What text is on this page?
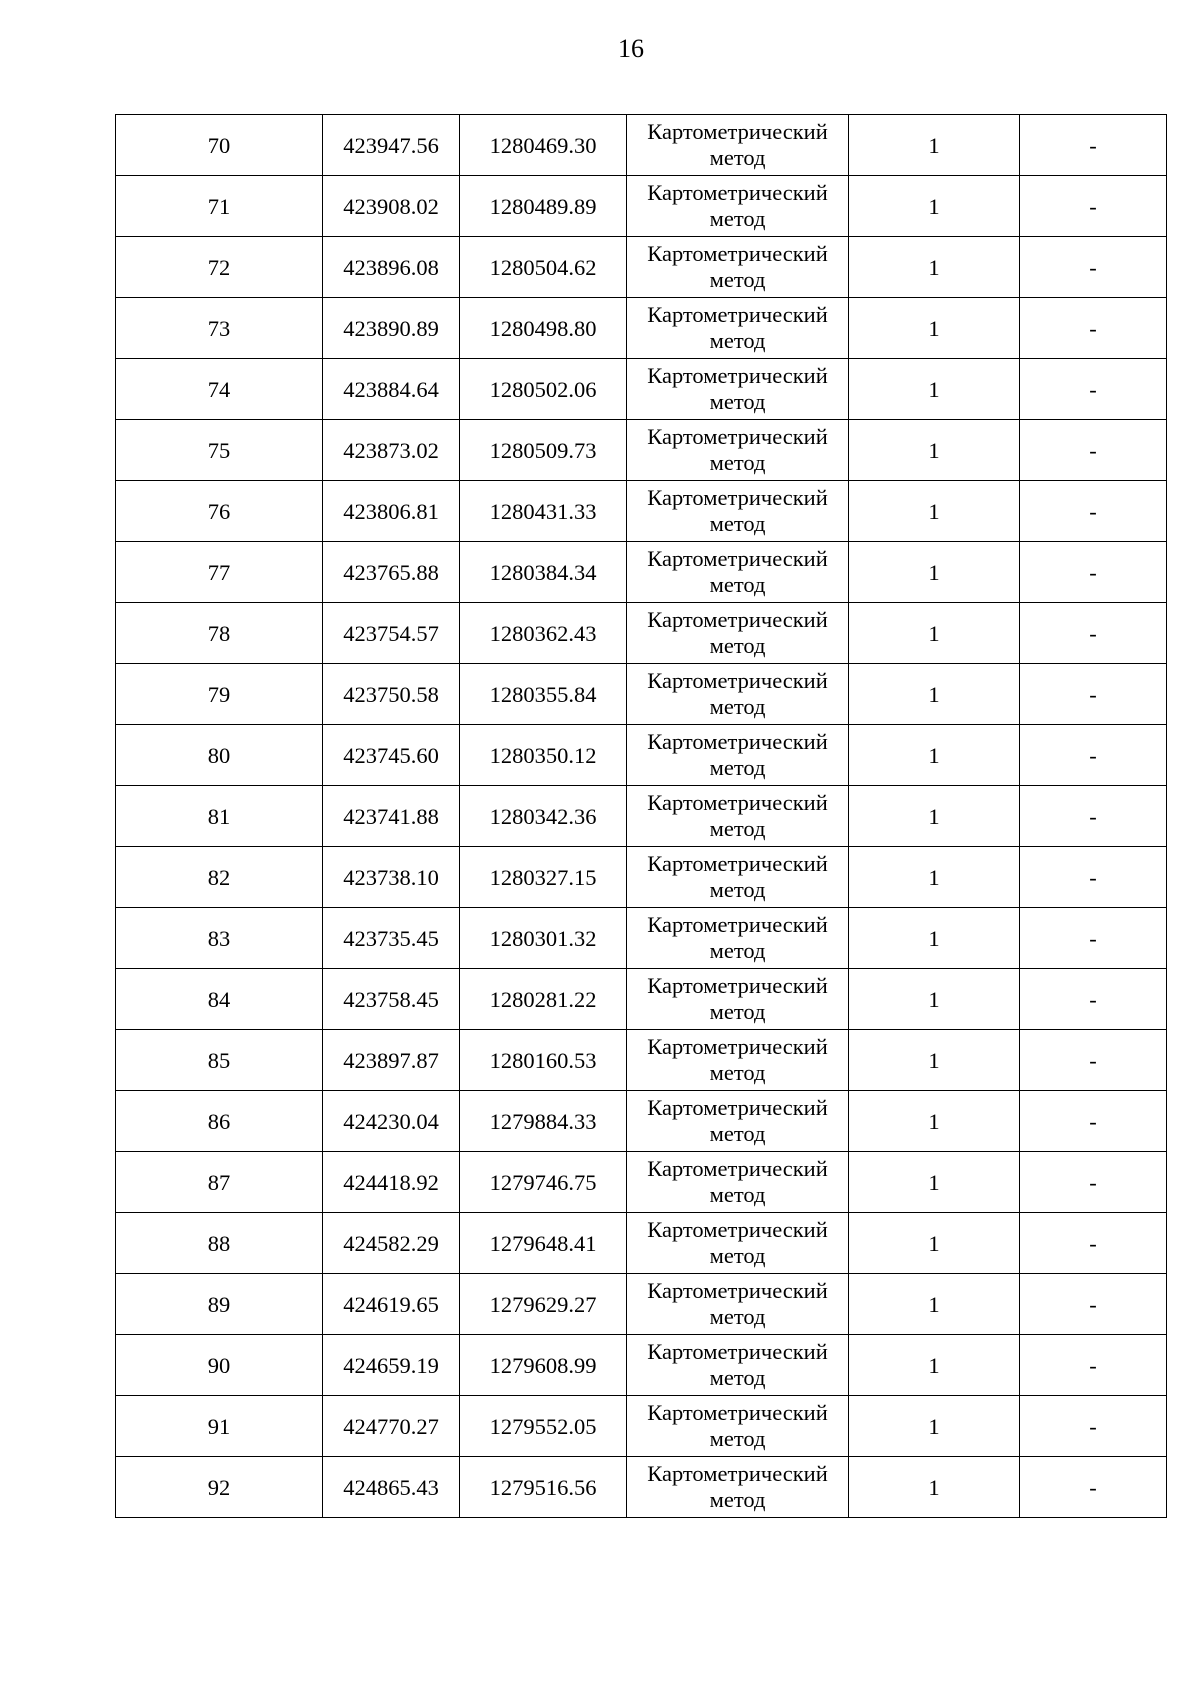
16
70	423947.56	1280469.30	Картометрический метод	1	-
71	423908.02	1280489.89	Картометрический метод	1	-
72	423896.08	1280504.62	Картометрический метод	1	-
73	423890.89	1280498.80	Картометрический метод	1	-
74	423884.64	1280502.06	Картометрический метод	1	-
75	423873.02	1280509.73	Картометрический метод	1	-
76	423806.81	1280431.33	Картометрический метод	1	-
77	423765.88	1280384.34	Картометрический метод	1	-
78	423754.57	1280362.43	Картометрический метод	1	-
79	423750.58	1280355.84	Картометрический метод	1	-
80	423745.60	1280350.12	Картометрический метод	1	-
81	423741.88	1280342.36	Картометрический метод	1	-
82	423738.10	1280327.15	Картометрический метод	1	-
83	423735.45	1280301.32	Картометрический метод	1	-
84	423758.45	1280281.22	Картометрический метод	1	-
85	423897.87	1280160.53	Картометрический метод	1	-
86	424230.04	1279884.33	Картометрический метод	1	-
87	424418.92	1279746.75	Картометрический метод	1	-
88	424582.29	1279648.41	Картометрический метод	1	-
89	424619.65	1279629.27	Картометрический метод	1	-
90	424659.19	1279608.99	Картометрический метод	1	-
91	424770.27	1279552.05	Картометрический метод	1	-
92	424865.43	1279516.56	Картометрический метод	1	-
